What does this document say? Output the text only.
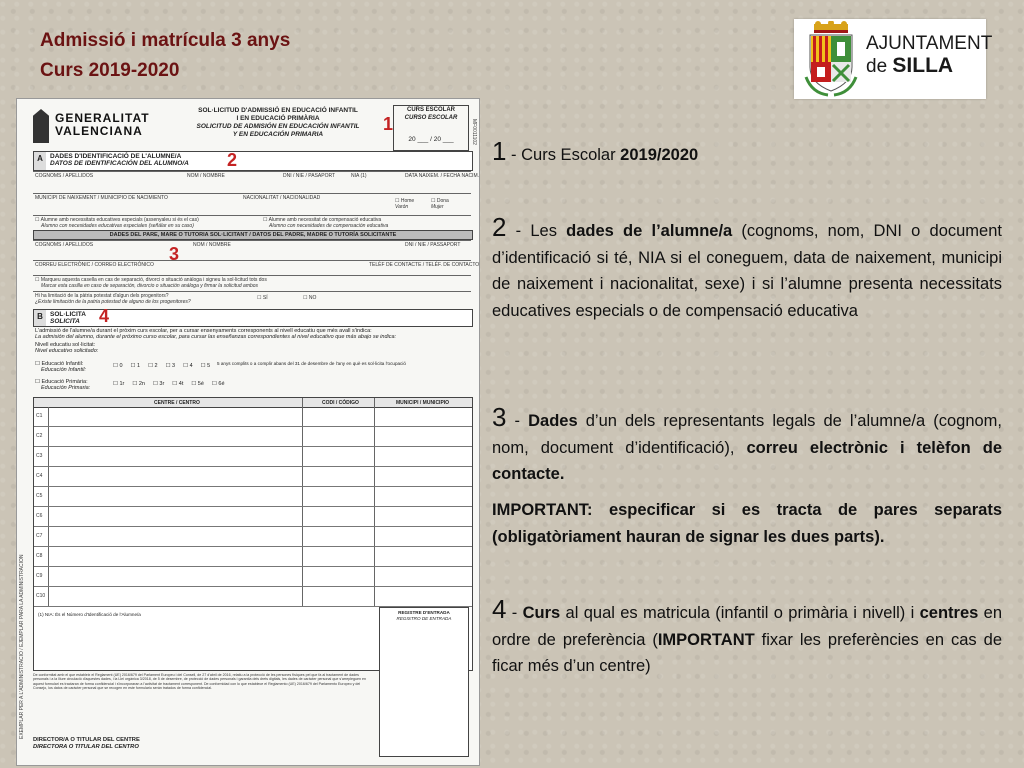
Admissió i matrícula 3 anys
Curs 2019-2020
AJUNTAMENT
de SILLA
EXEMPLAR PER A L'ADMINISTRACIÓ / EJEMPLAR PARA LA ADMINISTRACIÓN
MF0011102
GENERALITAT
VALENCIANA
SOL·LICITUD D'ADMISSIÓ EN EDUCACIÓ INFANTIL
I EN EDUCACIÓ PRIMÀRIA
SOLICITUD DE ADMISIÓN EN EDUCACIÓN INFANTIL
Y EN EDUCACIÓN PRIMARIA
CURS ESCOLAR
CURSO ESCOLAR
20 ___ / 20 ___
A	DADES D'IDENTIFICACIÓ DE L'ALUMNE/A
DATOS DE IDENTIFICACIÓN DEL ALUMNO/A
COGNOMS / APELLIDOS	NOM / NOMBRE	DNI / NIE / PASAPORT	NIA (1)	DATA NAIXEM. / FECHA NACIM.
MUNICIPI DE NAIXEMENT / MUNICIPIO DE NACIMIENTO	NACIONALITAT / NACIONALIDAD	☐ Home
Varón
☐ Dona
Mujer
☐ Alumne amb necessitats educatives especials (assenyaleu si és el cas)
Alumno con necesidades educativas especiales (señálar en su caso)
☐ Alumne amb necessitat de compensació educativa
Alumno con necesidades de compensación educativa
DADES DEL PARE, MARE O TUTORIA SOL·LICITANT / DATOS DEL PADRE, MADRE O TUTORÍA SOLICITANTE
COGNOMS / APELLIDOS	NOM / NOMBRE	DNI / NIE / PASSAPORT
CORREU ELECTRÒNIC / CORREO ELECTRÓNICO	TELÈF DE CONTACTE / TELÉF. DE CONTACTO
☐ Marqueu aquesta casella en cas de separació, divorci o situació anàloga i signeu la sol·licitud tots dos
Marcar esta casilla en caso de separación, divorcio o situación análoga y firmar la solicitud ambos
Hi ha limitació de la pàtria potestat d'algun dels progenitors?
¿Existe limitación de la patria potestad de alguno de los progenitores?
☐ SÍ	☐ NO
B	SOL·LICITA
SOLICITA
L'admissió de l'alumne/a durant el pròxim curs escolar, per a cursar ensenyaments corresponents al nivell educatiu que més avall s'indica:
La admisión del alumno, durante el próximo curso escolar, para cursar las enseñanzas correspondientes al nivel educativo que más abajo se indica:
Nivell educatiu sol·licitat:
Nivel educativo solicitado:
☐ Educació Infantil:
Educación Infantil:
☐ 0 ☐ 1 ☐ 2 ☐ 3 ☐ 4 ☐ 5	5 anys complits o a complir abans del 31 de desembre de l'any en què es sol·licita l'ocupació
☐ Educació Primària:
Educación Primaria:
☐ 1r ☐ 2n ☐ 3r ☐ 4t ☐ 5é ☐ 6é
CENTRE / CENTRO	CODI / CÓDIGO	MUNICIPI / MUNICIPIO
C1
C2
C3
C4
C5
C6
C7
C8
C9
C10
(1) NIA: És el Número d'Identificació de l'Alumne/a
De conformitat amb el que estableix el Reglament (UE) 2016/679 del Parlament Europeu i del Consell, de 27 d'abril de 2016, relatiu a la protecció de les persones físiques pel que fa al tractament de dades personals i a la lliure circulació d'aquestes dades, i la Llei orgànica 3/2018, de 5 de desembre, de protecció de dades personals i garantia dels drets digitals, les dades de caràcter personal que s'arrepleguen en aquest formulari es tractaran de forma confidencial i s'incorporaran a l'activitat de tractament corresponent. De conformidad con lo que establece el Reglamento (UE) 2016/679 del Parlamento Europeo y del Consejo, los datos de carácter personal que se recogen en este formulario serán tratados de forma confidencial.
REGISTRE D'ENTRADA
REGISTRO DE ENTRADA
DIRECTOR/A O TITULAR DEL CENTRE
DIRECTORA O TITULAR DEL CENTRO
1
2
3
4
1 - Curs Escolar 2019/2020
2 - Les dades de l’alumne/a (cognoms, nom, DNI o document d’identificació si té, NIA si el coneguem, data de naixement, municipi de naixement i nacionalitat, sexe) i si l’alumne presenta necessitats educatives especials o de compensació educativa
3 - Dades d’un dels representants legals de l’alumne/a (cognom, nom, document d’identificació), correu electrònic i telèfon de contacte.
IMPORTANT: especificar si es tracta de pares separats (obligatòriament hauran de signar les dues parts).
4 - Curs al qual es matricula (infantil o primària i nivell) i centres en ordre de preferència (IMPORTANT fixar les preferències en cas de ficar més d’un centre)
